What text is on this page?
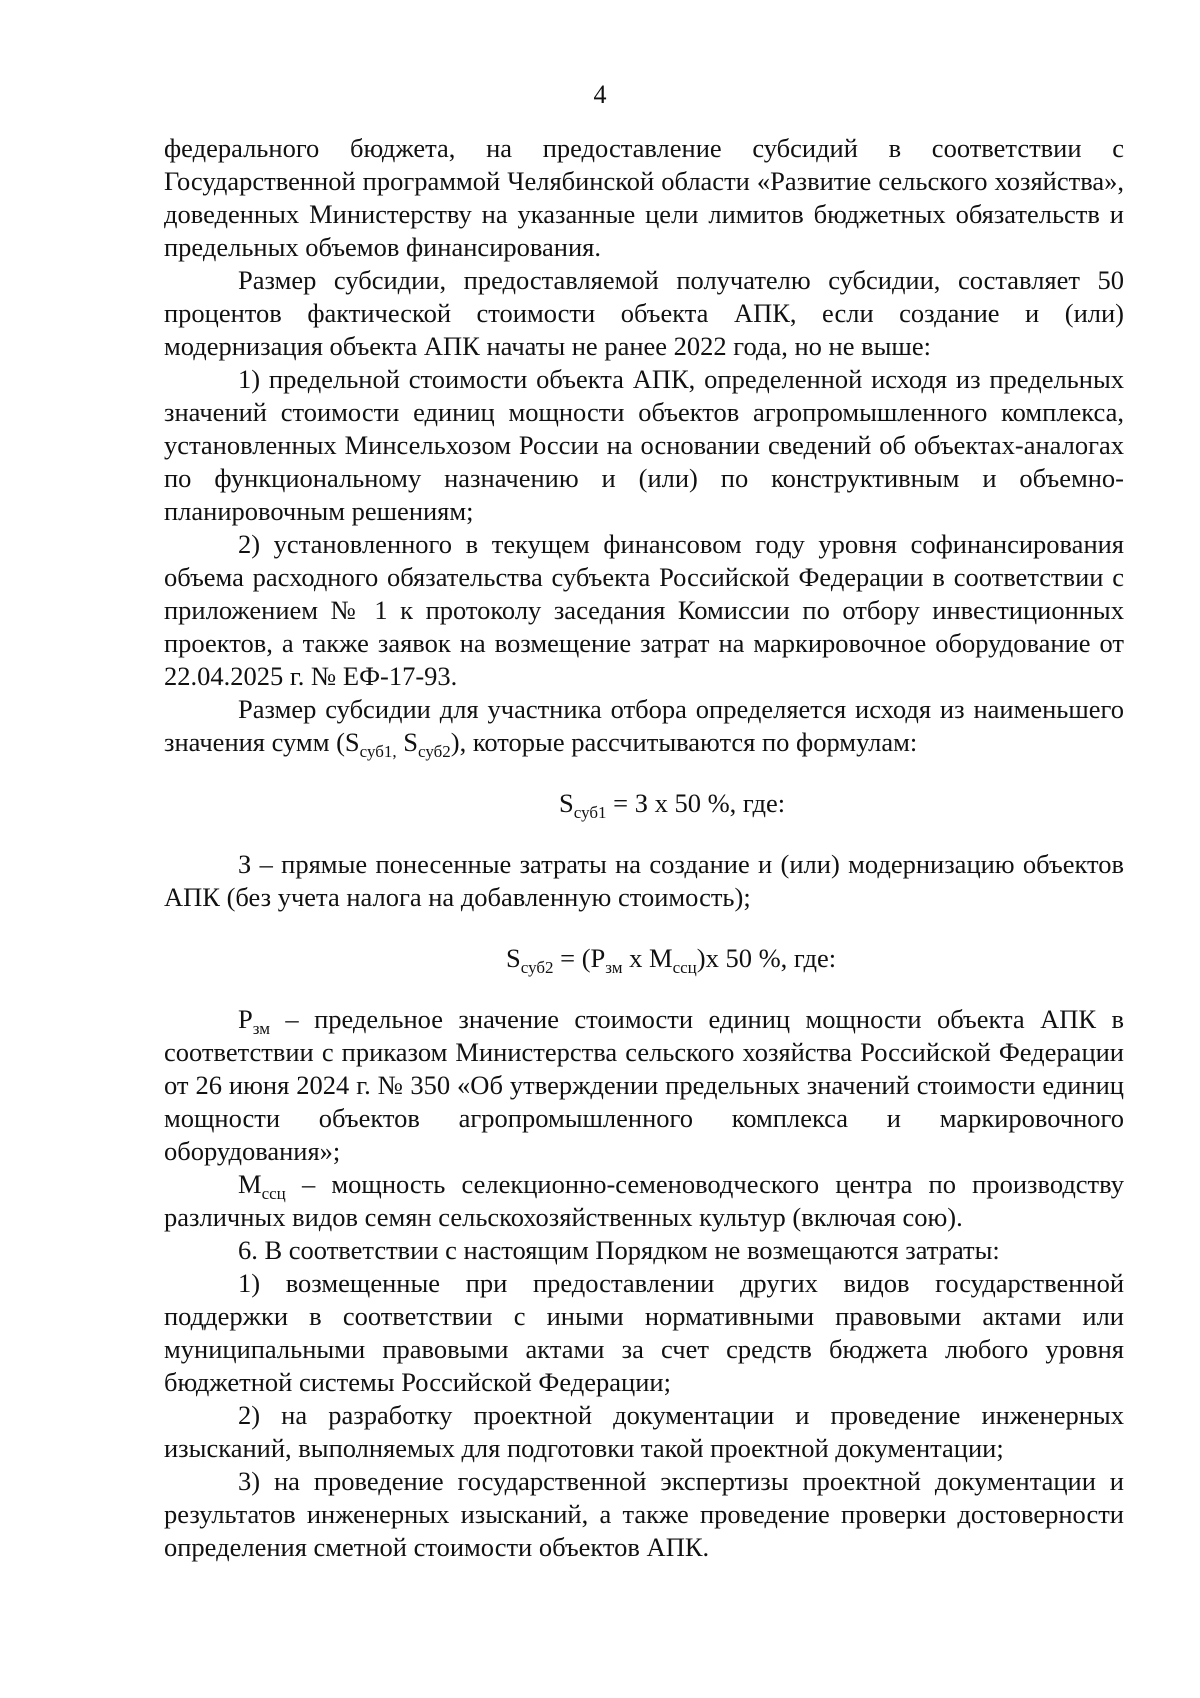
4

федерального бюджета, на предоставление субсидий в соответствии с Государственной программой Челябинской области «Развитие сельского хозяйства», доведенных Министерству на указанные цели лимитов бюджетных обязательств и предельных объемов финансирования.

Размер субсидии, предоставляемой получателю субсидии, составляет 50 процентов фактической стоимости объекта АПК, если создание и (или) модернизация объекта АПК начаты не ранее 2022 года, но не выше:

1) предельной стоимости объекта АПК, определенной исходя из предельных значений стоимости единиц мощности объектов агропромышленного комплекса, установленных Минсельхозом России на основании сведений об объектах-аналогах по функциональному назначению и (или) по конструктивным и объемно-планировочным решениям;

2) установленного в текущем финансовом году уровня софинансирования объема расходного обязательства субъекта Российской Федерации в соответствии с приложением № 1 к протоколу заседания Комиссии по отбору инвестиционных проектов, а также заявок на возмещение затрат на маркировочное оборудование от 22.04.2025 г. № ЕФ-17-93.

Размер субсидии для участника отбора определяется исходя из наименьшего значения сумм ($S_{суб1,}$ $S_{суб2}$), которые рассчитываются по формулам:

$S_{суб1} = З$ х 50 %, где:

З – прямые понесенные затраты на создание и (или) модернизацию объектов АПК (без учета налога на добавленную стоимость);

$S_{суб2} = (Р_{зм}$ х $М_{ссц})х$ 50 %, где:

$Р_{зм}$ – предельное значение стоимости единиц мощности объекта АПК в соответствии с приказом Министерства сельского хозяйства Российской Федерации от 26 июня 2024 г. № 350 «Об утверждении предельных значений стоимости единиц мощности объектов агропромышленного комплекса и маркировочного оборудования»;

$М_{ссц}$ – мощность селекционно-семеноводческого центра по производству различных видов семян сельскохозяйственных культур (включая сою).

6. В соответствии с настоящим Порядком не возмещаются затраты:

1) возмещенные при предоставлении других видов государственной поддержки в соответствии с иными нормативными правовыми актами или муниципальными правовыми актами за счет средств бюджета любого уровня бюджетной системы Российской Федерации;

2) на разработку проектной документации и проведение инженерных изысканий, выполняемых для подготовки такой проектной документации;

3) на проведение государственной экспертизы проектной документации и результатов инженерных изысканий, а также проведение проверки достоверности определения сметной стоимости объектов АПК.
